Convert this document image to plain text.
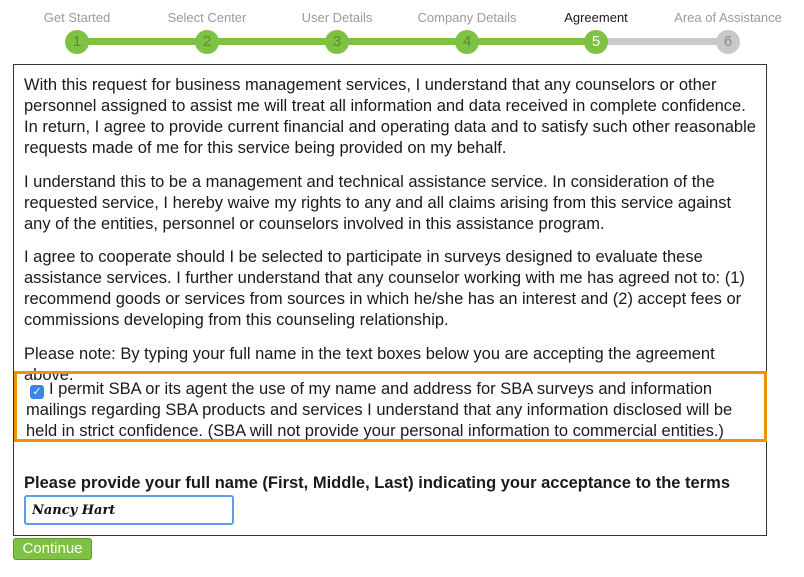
Get Started	Select Center	User Details	Company Details	Agreement	Area of Assistance
1	2	3	4	5	6

With this request for business management services, I understand that any counselors or other personnel assigned to assist me will treat all information and data received in complete confidence. In return, I agree to provide current financial and operating data and to satisfy such other reasonable requests made of me for this service being provided on my behalf.

I understand this to be a management and technical assistance service. In consideration of the requested service, I hereby waive my rights to any and all claims arising from this service against any of the entities, personnel or counselors involved in this assistance program.

I agree to cooperate should I be selected to participate in surveys designed to evaluate these assistance services. I further understand that any counselor working with me has agreed not to: (1) recommend goods or services from sources in which he/she has an interest and (2) accept fees or commissions developing from this counseling relationship.

Please note: By typing your full name in the text boxes below you are accepting the agreement above.

✓ I permit SBA or its agent the use of my name and address for SBA surveys and information mailings regarding SBA products and services I understand that any information disclosed will be held in strict confidence. (SBA will not provide your personal information to commercial entities.)

Please provide your full name (First, Middle, Last) indicating your acceptance to the terms

Nancy Hart
Continue
